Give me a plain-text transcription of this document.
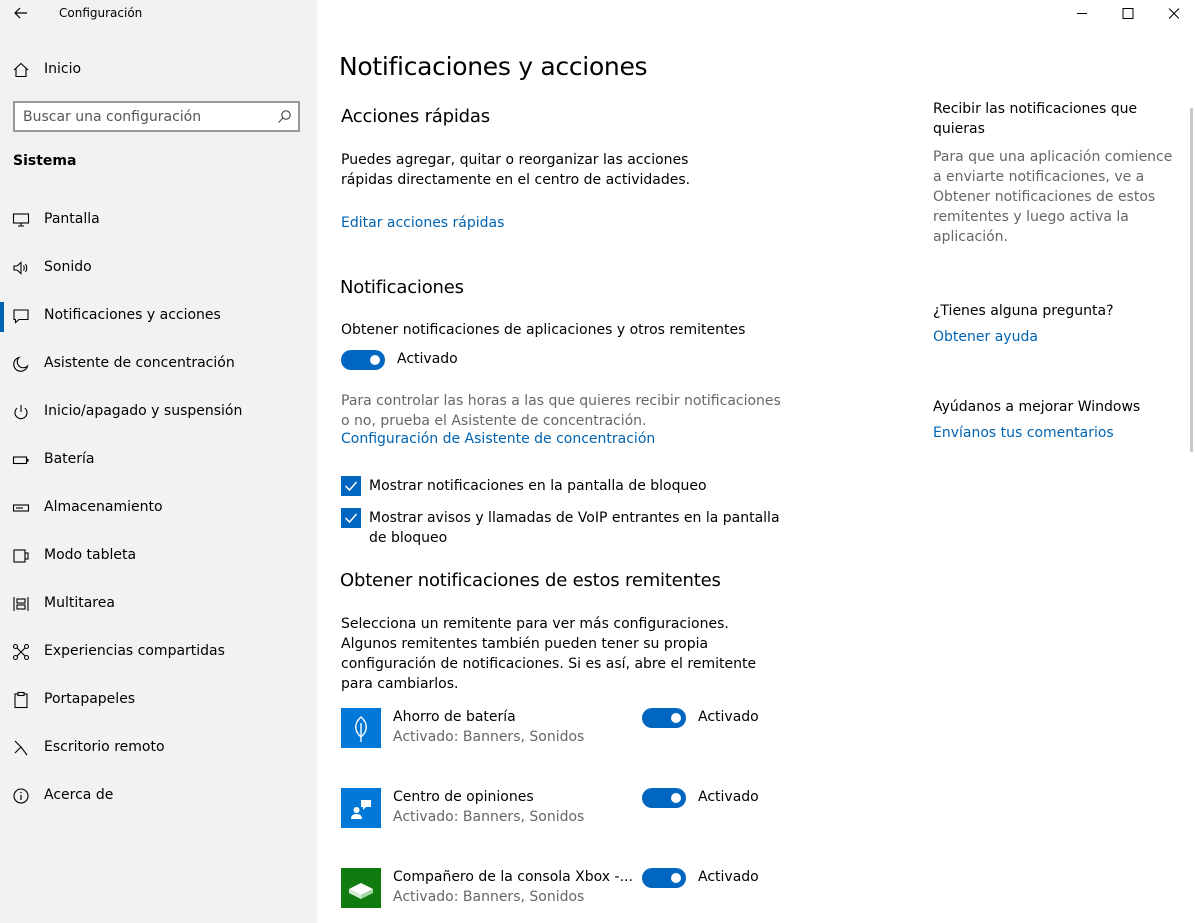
Configuración
Inicio
Buscar una configuración
Sistema
Pantalla
Sonido
Notificaciones y acciones
Asistente de concentración
Inicio/apagado y suspensión
Batería
Almacenamiento
Modo tableta
Multitarea
Experiencias compartidas
Portapapeles
Escritorio remoto
Acerca de
Notificaciones y acciones
Acciones rápidas
Puedes agregar, quitar o reorganizar las acciones rápidas directamente en el centro de actividades.
Editar acciones rápidas
Notificaciones
Obtener notificaciones de aplicaciones y otros remitentes
Activado
Para controlar las horas a las que quieres recibir notificaciones o no, prueba el Asistente de concentración.
Configuración de Asistente de concentración
Mostrar notificaciones en la pantalla de bloqueo
Mostrar avisos y llamadas de VoIP entrantes en la pantalla de bloqueo
Obtener notificaciones de estos remitentes
Selecciona un remitente para ver más configuraciones. Algunos remitentes también pueden tener su propia configuración de notificaciones. Si es así, abre el remitente para cambiarlos.
Ahorro de batería
Activado: Banners, Sonidos
Activado
Centro de opiniones
Activado: Banners, Sonidos
Activado
Compañero de la consola Xbox -...
Activado: Banners, Sonidos
Activado
Recibir las notificaciones que quieras
Para que una aplicación comience a enviarte notificaciones, ve a Obtener notificaciones de estos remitentes y luego activa la aplicación.
¿Tienes alguna pregunta?
Obtener ayuda
Ayúdanos a mejorar Windows
Envíanos tus comentarios
